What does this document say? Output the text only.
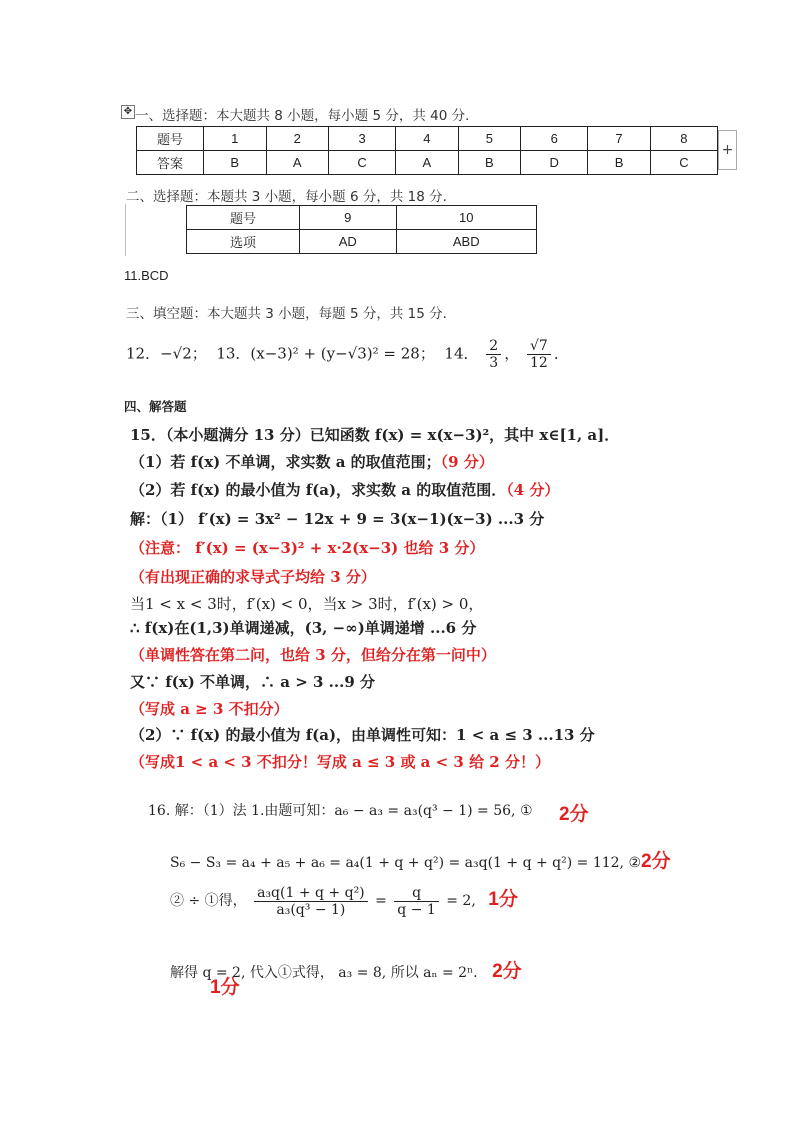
✥ 一、选择题：本大题共 8 小题，每小题 5 分，共 40 分．
题号	1	2	3	4	5	6	7	8
答案	B	A	C	A	B	D	B	C
+
二、选择题：本题共 3 小题，每小题 6 分，共 18 分．
题号	9	10
选项	AD	ABD
11.BCD
三、填空题：本大题共 3 小题，每题 5 分，共 15 分．
12．−√2； 13．(x−3)² + (y−√3)² = 28； 14． $\frac{2}{3}$ ， $\frac{√7}{12}$ ．
四、解答题
15．（本小题满分 13 分）已知函数 f(x) = x(x−3)²，其中 x∈[1, a]．
（1）若 f(x) 不单调，求实数 a 的取值范围；（9 分）
（2）若 f(x) 的最小值为 f(a)，求实数 a 的取值范围．（4 分）
解：（1） f′(x) = 3x² − 12x + 9 = 3(x−1)(x−3) ...3 分
（注意： f′(x) = (x−3)² + x·2(x−3) 也给 3 分）
（有出现正确的求导式子均给 3 分）
当1 < x < 3时，f′(x) < 0，当x > 3时，f′(x) > 0，
∴ f(x)在(1,3)单调递减，(3, −∞)单调递增 ...6 分
（单调性答在第二问，也给 3 分，但给分在第一问中）
又∵ f(x) 不单调，∴ a > 3 ...9 分
（写成 a ≥ 3 不扣分）
（2）∵ f(x) 的最小值为 f(a)，由单调性可知：1 < a ≤ 3 ...13 分
（写成1 < a < 3 不扣分！写成 a ≤ 3 或 a < 3 给 2 分！）
16. 解：（1）法 1.由题可知：a₆ − a₃ = a₃(q³ − 1) = 56, ① 2分
S₆ − S₃ = a₄ + a₅ + a₆ = a₄(1 + q + q²) = a₃q(1 + q + q²) = 112, ②2分
② ÷ ①得， $\frac{\text{a₃q(1 + q + q²)}}{\text{a₃(q³ − 1)}} = \frac{q}{q - 1} = 2$, 1分
解得 q = 2, 代入①式得， a₃ = 8, 所以 aₙ = 2ⁿ. 2分
1分
